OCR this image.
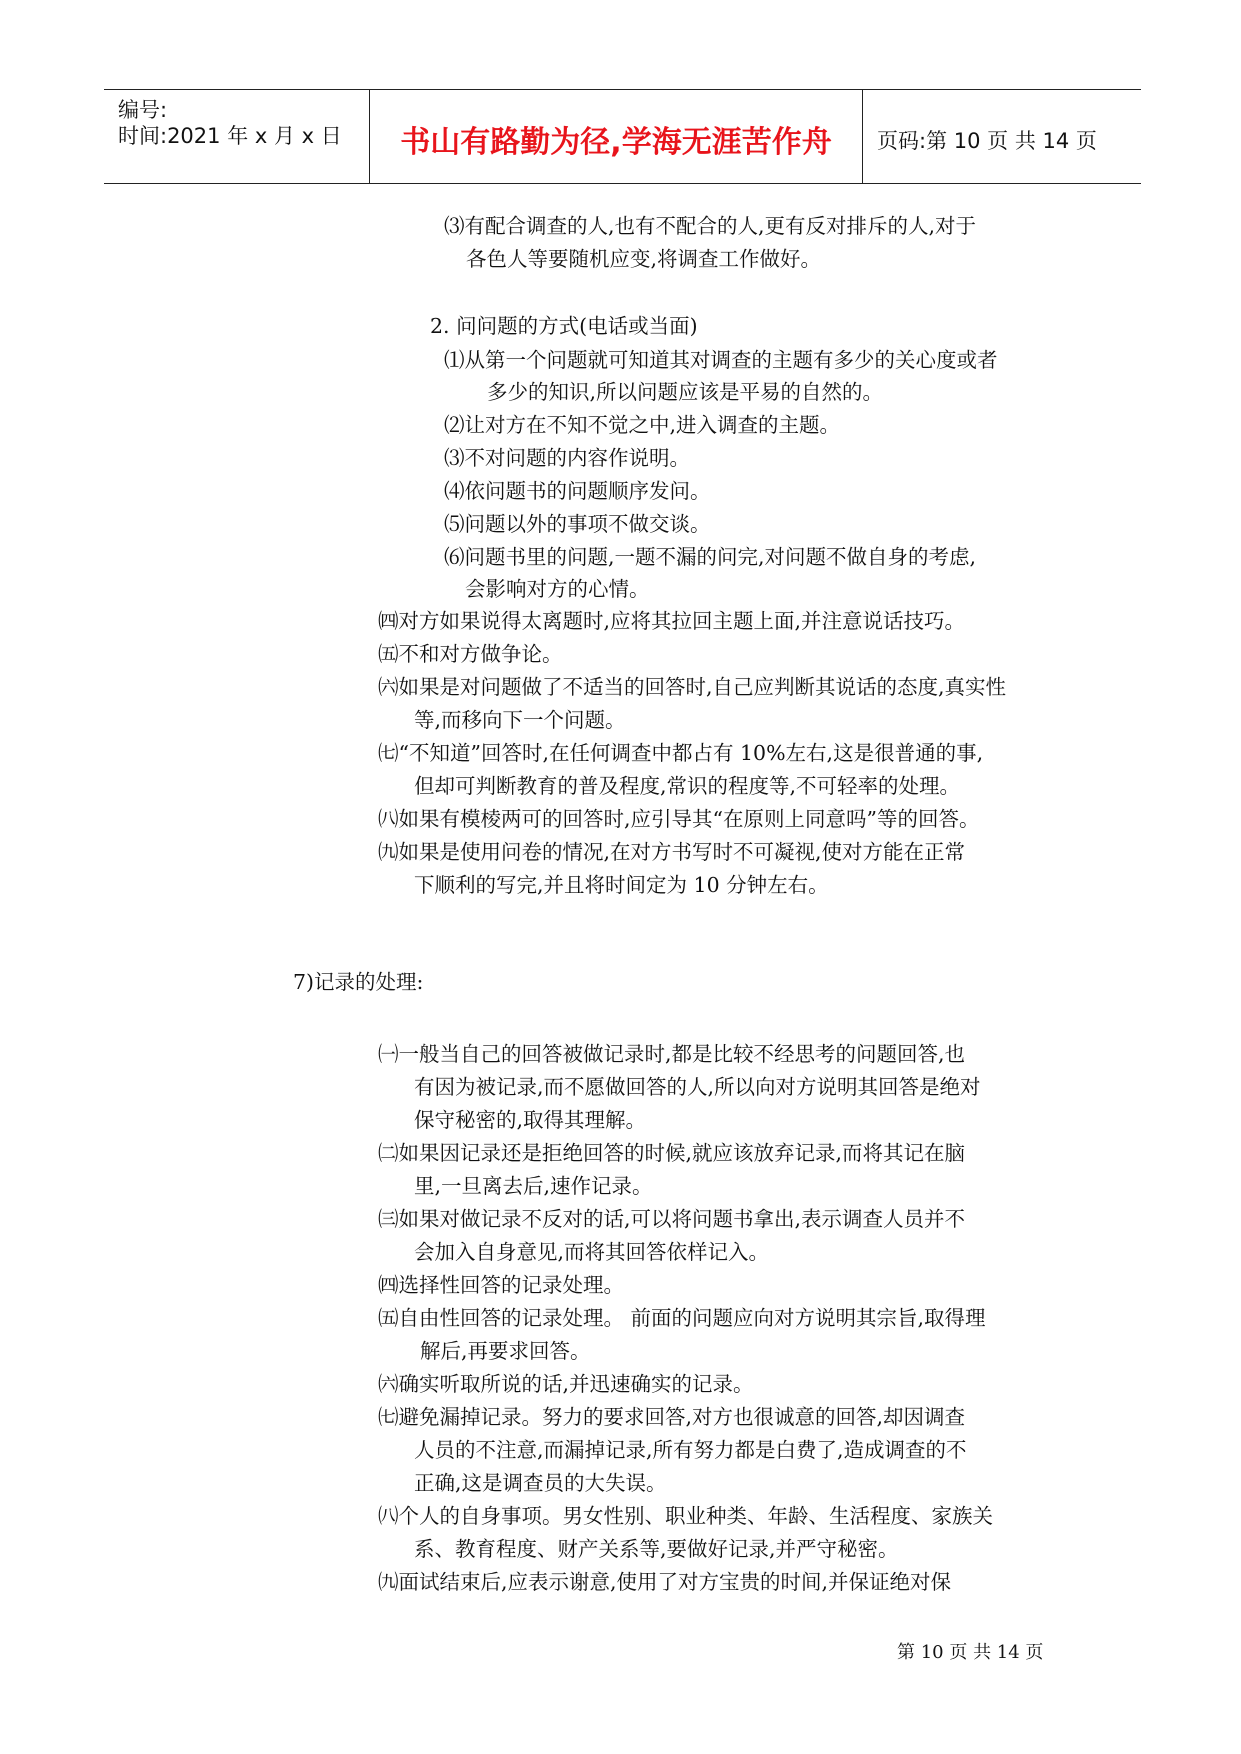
编号:
时间:2021 年 x 月 x 日	书山有路勤为径,学海无涯苦作舟	页码:第 10 页 共 14 页
⑶有配合调查的人,也有不配合的人,更有反对排斥的人,对于
各色人等要随机应变,将调查工作做好。
2. 问问题的方式(电话或当面)
⑴从第一个问题就可知道其对调查的主题有多少的关心度或者
多少的知识,所以问题应该是平易的自然的。
⑵让对方在不知不觉之中,进入调查的主题。
⑶不对问题的内容作说明。
⑷依问题书的问题顺序发问。
⑸问题以外的事项不做交谈。
⑹问题书里的问题,一题不漏的问完,对问题不做自身的考虑,
会影响对方的心情。
㈣对方如果说得太离题时,应将其拉回主题上面,并注意说话技巧。
㈤不和对方做争论。
㈥如果是对问题做了不适当的回答时,自己应判断其说话的态度,真实性
等,而移向下一个问题。
㈦“不知道”回答时,在任何调查中都占有 10%左右,这是很普通的事,
但却可判断教育的普及程度,常识的程度等,不可轻率的处理。
㈧如果有模棱两可的回答时,应引导其“在原则上同意吗”等的回答。
㈨如果是使用问卷的情况,在对方书写时不可凝视,使对方能在正常
下顺利的写完,并且将时间定为 10 分钟左右。
7)记录的处理:
㈠一般当自己的回答被做记录时,都是比较不经思考的问题回答,也
有因为被记录,而不愿做回答的人,所以向对方说明其回答是绝对
保守秘密的,取得其理解。
㈡如果因记录还是拒绝回答的时候,就应该放弃记录,而将其记在脑
里,一旦离去后,速作记录。
㈢如果对做记录不反对的话,可以将问题书拿出,表示调查人员并不
会加入自身意见,而将其回答依样记入。
㈣选择性回答的记录处理。
㈤自由性回答的记录处理。 前面的问题应向对方说明其宗旨,取得理
解后,再要求回答。
㈥确实听取所说的话,并迅速确实的记录。
㈦避免漏掉记录。努力的要求回答,对方也很诚意的回答,却因调查
人员的不注意,而漏掉记录,所有努力都是白费了,造成调查的不
正确,这是调查员的大失误。
㈧个人的自身事项。男女性别、职业种类、年龄、生活程度、家族关
系、教育程度、财产关系等,要做好记录,并严守秘密。
㈨面试结束后,应表示谢意,使用了对方宝贵的时间,并保证绝对保
第 10 页 共 14 页
